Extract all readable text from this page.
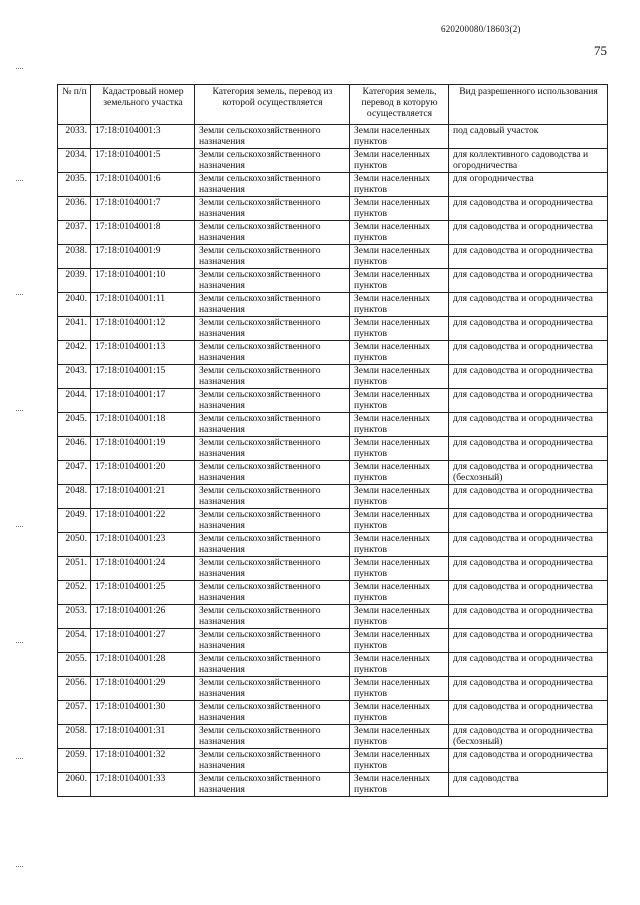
620200080/18603(2)
75
№ п/п	Кадастровый номер земельного участка	Категория земель, перевод из которой осуществляется	Категория земель, перевод в которую осуществляется	Вид разрешенного использования
2033.	17:18:0104001:3	Земли сельскохозяйственного назначения	Земли населенных пунктов	под садовый участок
2034.	17:18:0104001:5	Земли сельскохозяйственного назначения	Земли населенных пунктов	для коллективного садоводства и огородничества
2035.	17:18:0104001:6	Земли сельскохозяйственного назначения	Земли населенных пунктов	для огородничества
2036.	17:18:0104001:7	Земли сельскохозяйственного назначения	Земли населенных пунктов	для садоводства и огородничества
2037.	17:18:0104001:8	Земли сельскохозяйственного назначения	Земли населенных пунктов	для садоводства и огородничества
2038.	17:18:0104001:9	Земли сельскохозяйственного назначения	Земли населенных пунктов	для садоводства и огородничества
2039.	17:18:0104001:10	Земли сельскохозяйственного назначения	Земли населенных пунктов	для садоводства и огородничества
2040.	17:18:0104001:11	Земли сельскохозяйственного назначения	Земли населенных пунктов	для садоводства и огородничества
2041.	17:18:0104001:12	Земли сельскохозяйственного назначения	Земли населенных пунктов	для садоводства и огородничества
2042.	17:18:0104001:13	Земли сельскохозяйственного назначения	Земли населенных пунктов	для садоводства и огородничества
2043.	17:18:0104001:15	Земли сельскохозяйственного назначения	Земли населенных пунктов	для садоводства и огородничества
2044.	17:18:0104001:17	Земли сельскохозяйственного назначения	Земли населенных пунктов	для садоводства и огородничества
2045.	17:18:0104001:18	Земли сельскохозяйственного назначения	Земли населенных пунктов	для садоводства и огородничества
2046.	17:18:0104001:19	Земли сельскохозяйственного назначения	Земли населенных пунктов	для садоводства и огородничества
2047.	17:18:0104001:20	Земли сельскохозяйственного назначения	Земли населенных пунктов	для садоводства и огородничества (бесхозный)
2048.	17:18:0104001:21	Земли сельскохозяйственного назначения	Земли населенных пунктов	для садоводства и огородничества
2049.	17:18:0104001:22	Земли сельскохозяйственного назначения	Земли населенных пунктов	для садоводства и огородничества
2050.	17:18:0104001:23	Земли сельскохозяйственного назначения	Земли населенных пунктов	для садоводства и огородничества
2051.	17:18:0104001:24	Земли сельскохозяйственного назначения	Земли населенных пунктов	для садоводства и огородничества
2052.	17:18:0104001:25	Земли сельскохозяйственного назначения	Земли населенных пунктов	для садоводства и огородничества
2053.	17:18:0104001:26	Земли сельскохозяйственного назначения	Земли населенных пунктов	для садоводства и огородничества
2054.	17:18:0104001:27	Земли сельскохозяйственного назначения	Земли населенных пунктов	для садоводства и огородничества
2055.	17:18:0104001:28	Земли сельскохозяйственного назначения	Земли населенных пунктов	для садоводства и огородничества
2056.	17:18:0104001:29	Земли сельскохозяйственного назначения	Земли населенных пунктов	для садоводства и огородничества
2057.	17:18:0104001:30	Земли сельскохозяйственного назначения	Земли населенных пунктов	для садоводства и огородничества
2058.	17:18:0104001:31	Земли сельскохозяйственного назначения	Земли населенных пунктов	для садоводства и огородничества (бесхозный)
2059.	17:18:0104001:32	Земли сельскохозяйственного назначения	Земли населенных пунктов	для садоводства и огородничества
2060.	17:18:0104001:33	Земли сельскохозяйственного назначения	Земли населенных пунктов	для садоводства
